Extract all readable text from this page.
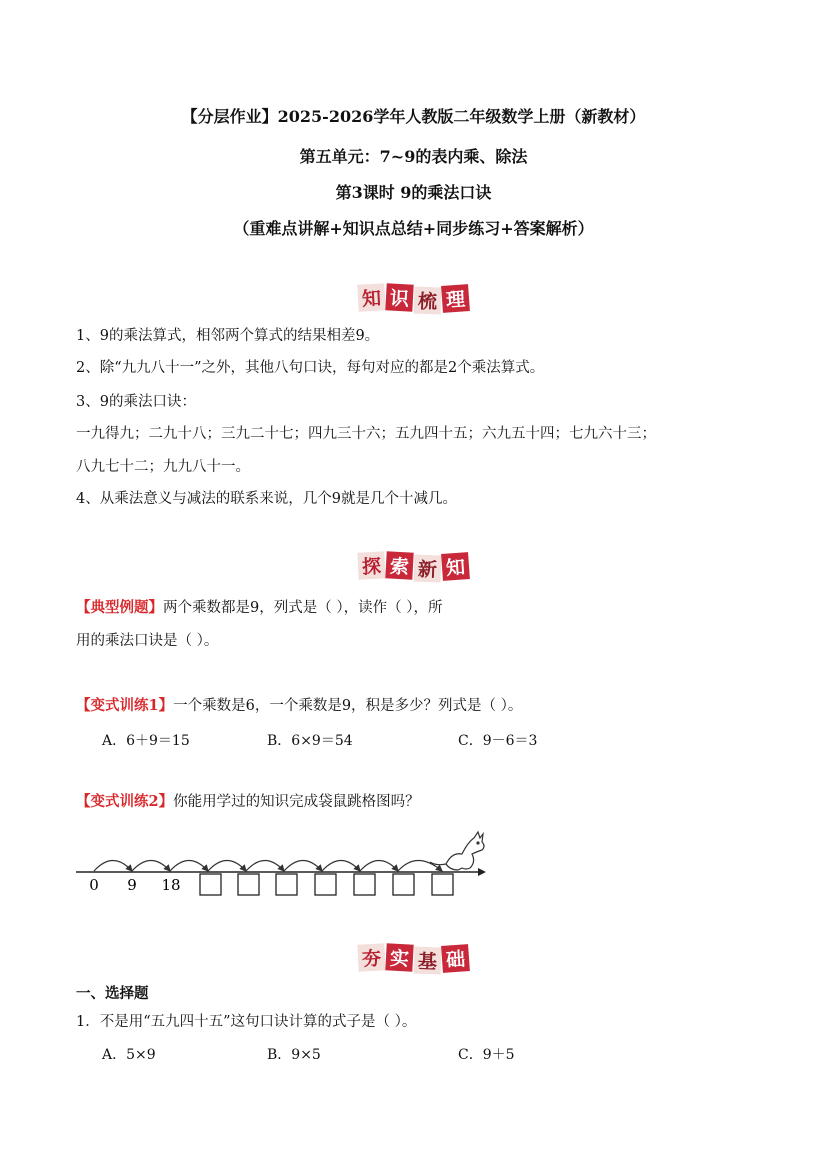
【分层作业】2025-2026学年人教版二年级数学上册（新教材）
第五单元：7~9的表内乘、除法
第3课时 9的乘法口诀
（重难点讲解+知识点总结+同步练习+答案解析）
知 识 梳 理
1、9的乘法算式，相邻两个算式的结果相差9。
2、除“九九八十一”之外，其他八句口诀，每句对应的都是2个乘法算式。
3、9的乘法口诀：
一九得九；二九十八；三九二十七；四九三十六；五九四十五；六九五十四；七九六十三；
八九七十二；九九八十一。
4、从乘法意义与减法的联系来说，几个9就是几个十减几。
探 索 新 知
【典型例题】两个乘数都是9，列式是（ ），读作（ ），所
用的乘法口诀是（ ）。
【变式训练1】一个乘数是6，一个乘数是9，积是多少？列式是（ ）。
A．6＋9＝15	B．6×9＝54	C．9－6＝3
【变式训练2】你能用学过的知识完成袋鼠跳格图吗？
0 9 18
夯 实 基 础
一、选择题
1．不是用“五九四十五”这句口诀计算的式子是（ ）。
A．5×9	B．9×5	C．9＋5
